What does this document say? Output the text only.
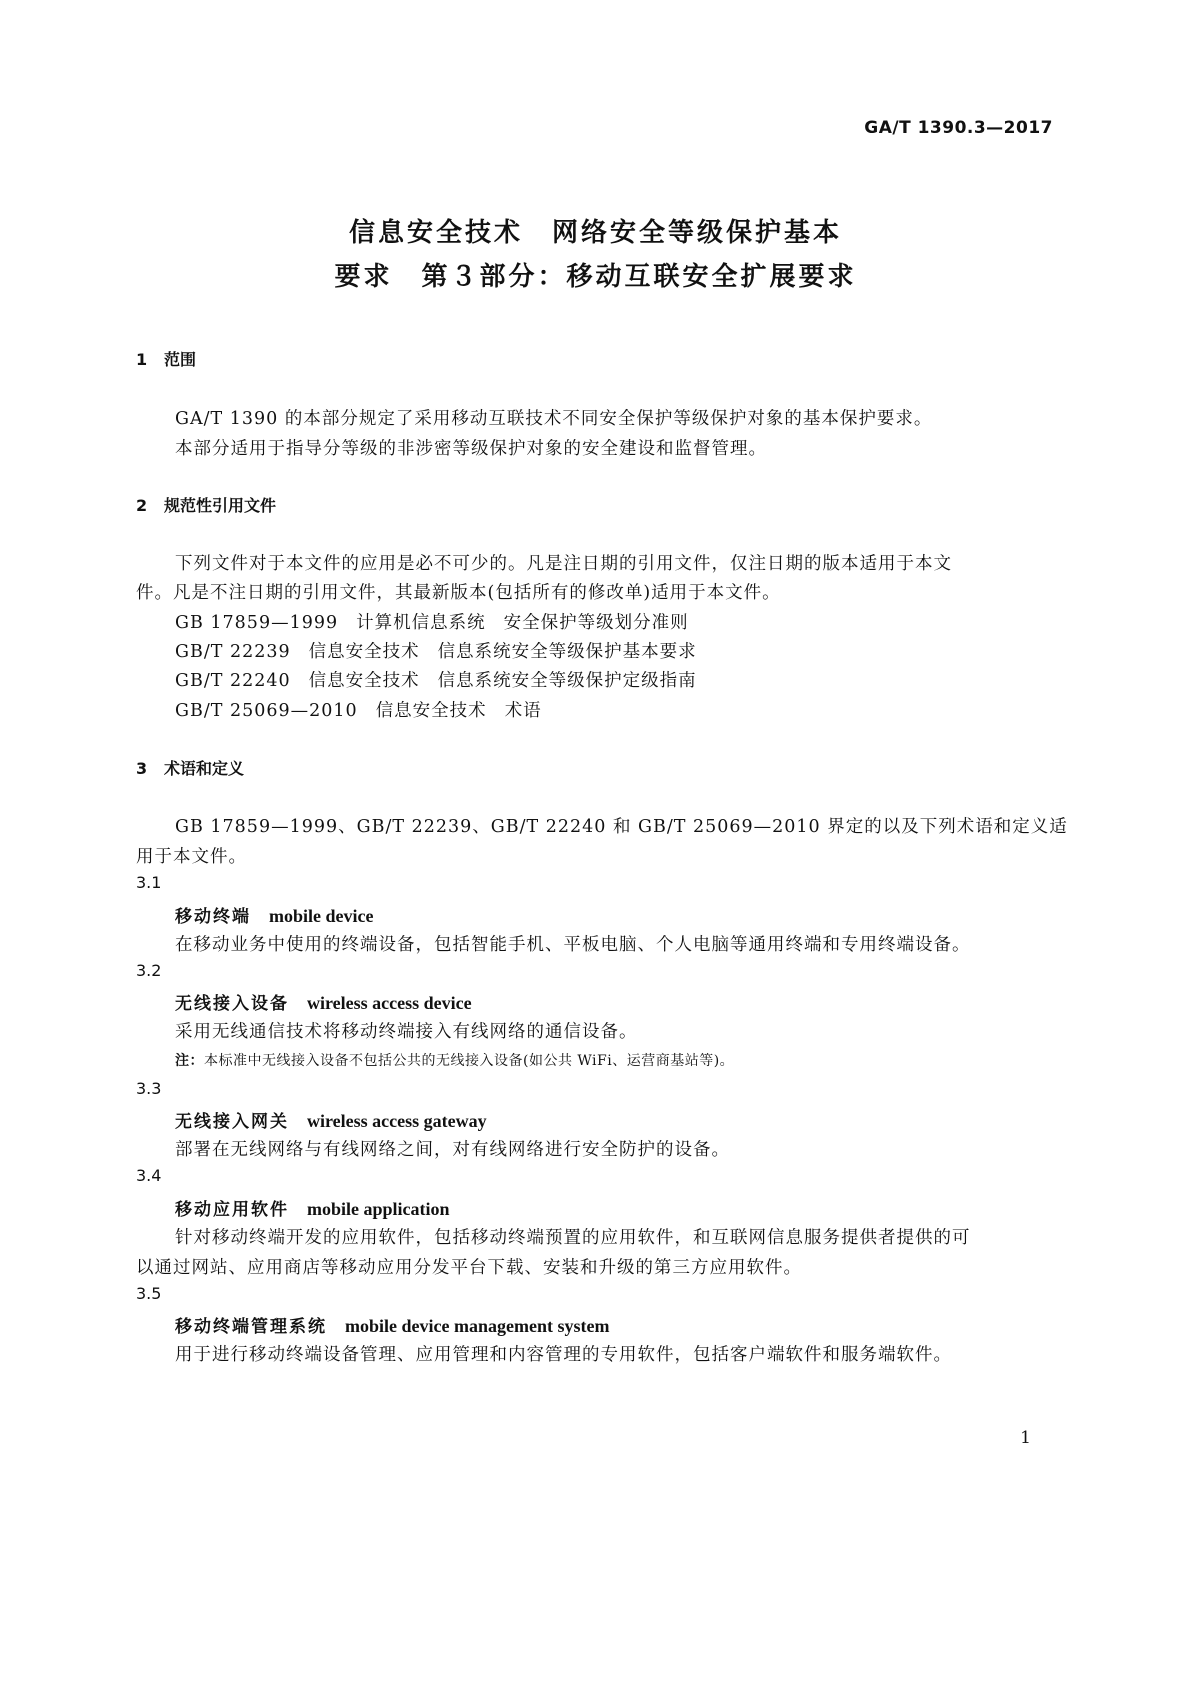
GA/T 1390.3—2017
信息安全技术　网络安全等级保护基本
要求　第３部分：移动互联安全扩展要求
1 范围
GA/T 1390 的本部分规定了采用移动互联技术不同安全保护等级保护对象的基本保护要求。
本部分适用于指导分等级的非涉密等级保护对象的安全建设和监督管理。
2 规范性引用文件
下列文件对于本文件的应用是必不可少的。凡是注日期的引用文件，仅注日期的版本适用于本文
件。凡是不注日期的引用文件，其最新版本(包括所有的修改单)适用于本文件。
GB 17859—1999 计算机信息系统 安全保护等级划分准则
GB/T 22239 信息安全技术 信息系统安全等级保护基本要求
GB/T 22240 信息安全技术 信息系统安全等级保护定级指南
GB/T 25069—2010 信息安全技术 术语
3 术语和定义
GB 17859—1999、GB/T 22239、GB/T 22240 和 GB/T 25069—2010 界定的以及下列术语和定义适
用于本文件。
3.1
移动终端 mobile device
在移动业务中使用的终端设备，包括智能手机、平板电脑、个人电脑等通用终端和专用终端设备。
3.2
无线接入设备 wireless access device
采用无线通信技术将移动终端接入有线网络的通信设备。
注：本标准中无线接入设备不包括公共的无线接入设备(如公共 WiFi、运营商基站等)。
3.3
无线接入网关 wireless access gateway
部署在无线网络与有线网络之间，对有线网络进行安全防护的设备。
3.4
移动应用软件 mobile application
针对移动终端开发的应用软件，包括移动终端预置的应用软件，和互联网信息服务提供者提供的可
以通过网站、应用商店等移动应用分发平台下载、安装和升级的第三方应用软件。
3.5
移动终端管理系统 mobile device management system
用于进行移动终端设备管理、应用管理和内容管理的专用软件，包括客户端软件和服务端软件。
1
